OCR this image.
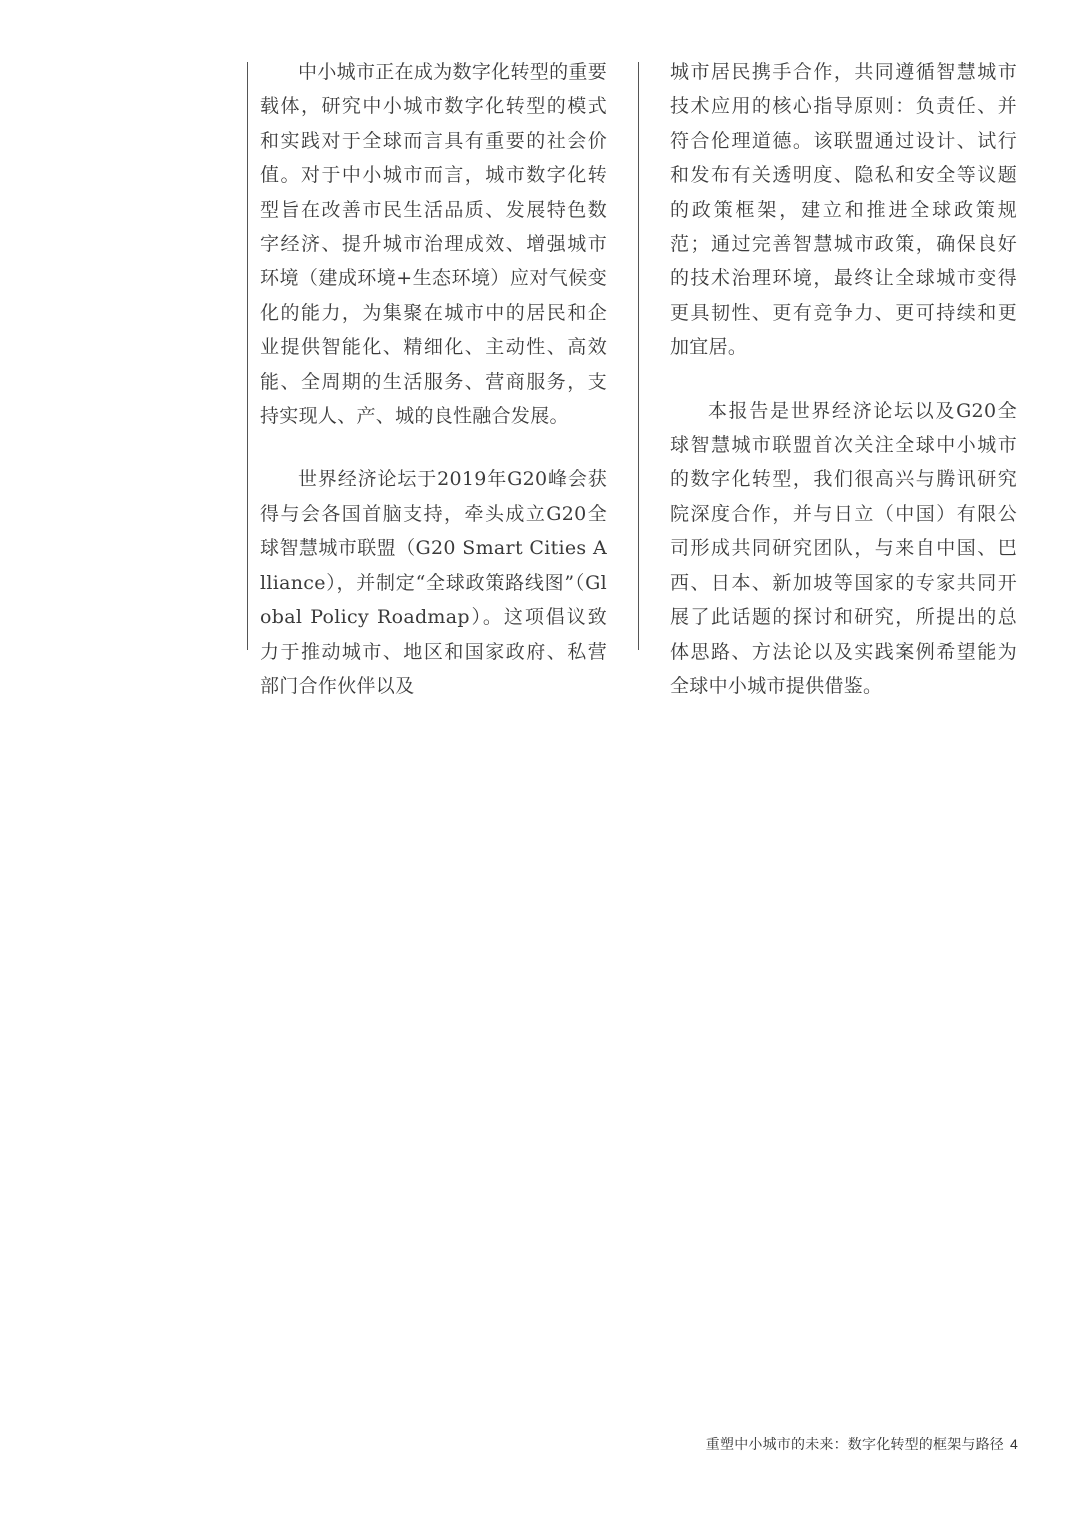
中小城市正在成为数字化转型的重要载体，研究中小城市数字化转型的模式和实践对于全球而言具有重要的社会价值。对于中小城市而言，城市数字化转型旨在改善市民生活品质、发展特色数字经济、提升城市治理成效、增强城市环境（建成环境+生态环境）应对气候变化的能力，为集聚在城市中的居民和企业提供智能化、精细化、主动性、高效能、全周期的生活服务、营商服务，支持实现人、产、城的良性融合发展。

世界经济论坛于2019年G20峰会获得与会各国首脑支持，牵头成立G20全球智慧城市联盟（G20 Smart Cities Alliance），并制定“全球政策路线图”（Global Policy Roadmap）。这项倡议致力于推动城市、地区和国家政府、私营部门合作伙伴以及

城市居民携手合作，共同遵循智慧城市技术应用的核心指导原则：负责任、并符合伦理道德。该联盟通过设计、试行和发布有关透明度、隐私和安全等议题的政策框架，建立和推进全球政策规范；通过完善智慧城市政策，确保良好的技术治理环境，最终让全球城市变得更具韧性、更有竞争力、更可持续和更加宜居。

本报告是世界经济论坛以及G20全球智慧城市联盟首次关注全球中小城市的数字化转型，我们很高兴与腾讯研究院深度合作，并与日立（中国）有限公司形成共同研究团队，与来自中国、巴西、日本、新加坡等国家的专家共同开展了此话题的探讨和研究，所提出的总体思路、方法论以及实践案例希望能为全球中小城市提供借鉴。

重塑中小城市的未来：数字化转型的框架与路径 4
